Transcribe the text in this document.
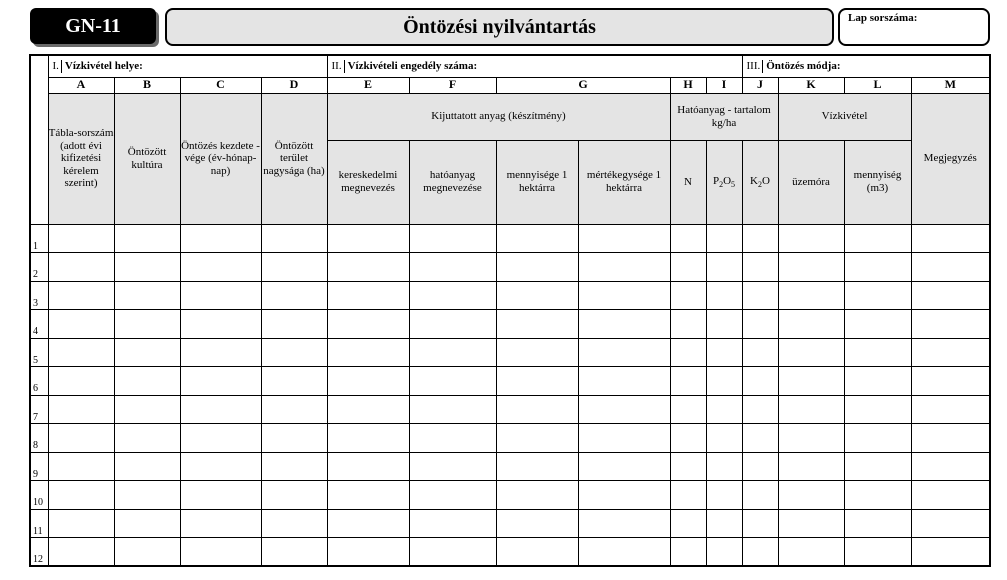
GN-11	Öntözési nyilvántartás	Lap sorszáma:
	I. Vízkivétel helye:				II. Vízkivételi engedély száma:						III. Öntözés módja:			
	A	B	C	D	E	F	G		H	I	J	K	L	M
	Tábla-sorszám (adott évi kifizetési kérelem szerint)	Öntözött kultúra	Öntözés kezdete - vége (év-hónap-nap)	Öntözött terület nagysága (ha)	Kijuttatott anyag (készítmény)				Hatóanyag - tartalom kg/ha			Vízkivétel		Megjegyzés
					kereskedelmi megnevezés	hatóanyag megnevezése	mennyisége 1 hektárra	mértékegysége 1 hektárra	N	$P_2O_5$	$K_2O$	üzemóra	mennyiség (m3)	
1														
2														
3														
4														
5														
6														
7														
8														
9														
10														
11														
12														
